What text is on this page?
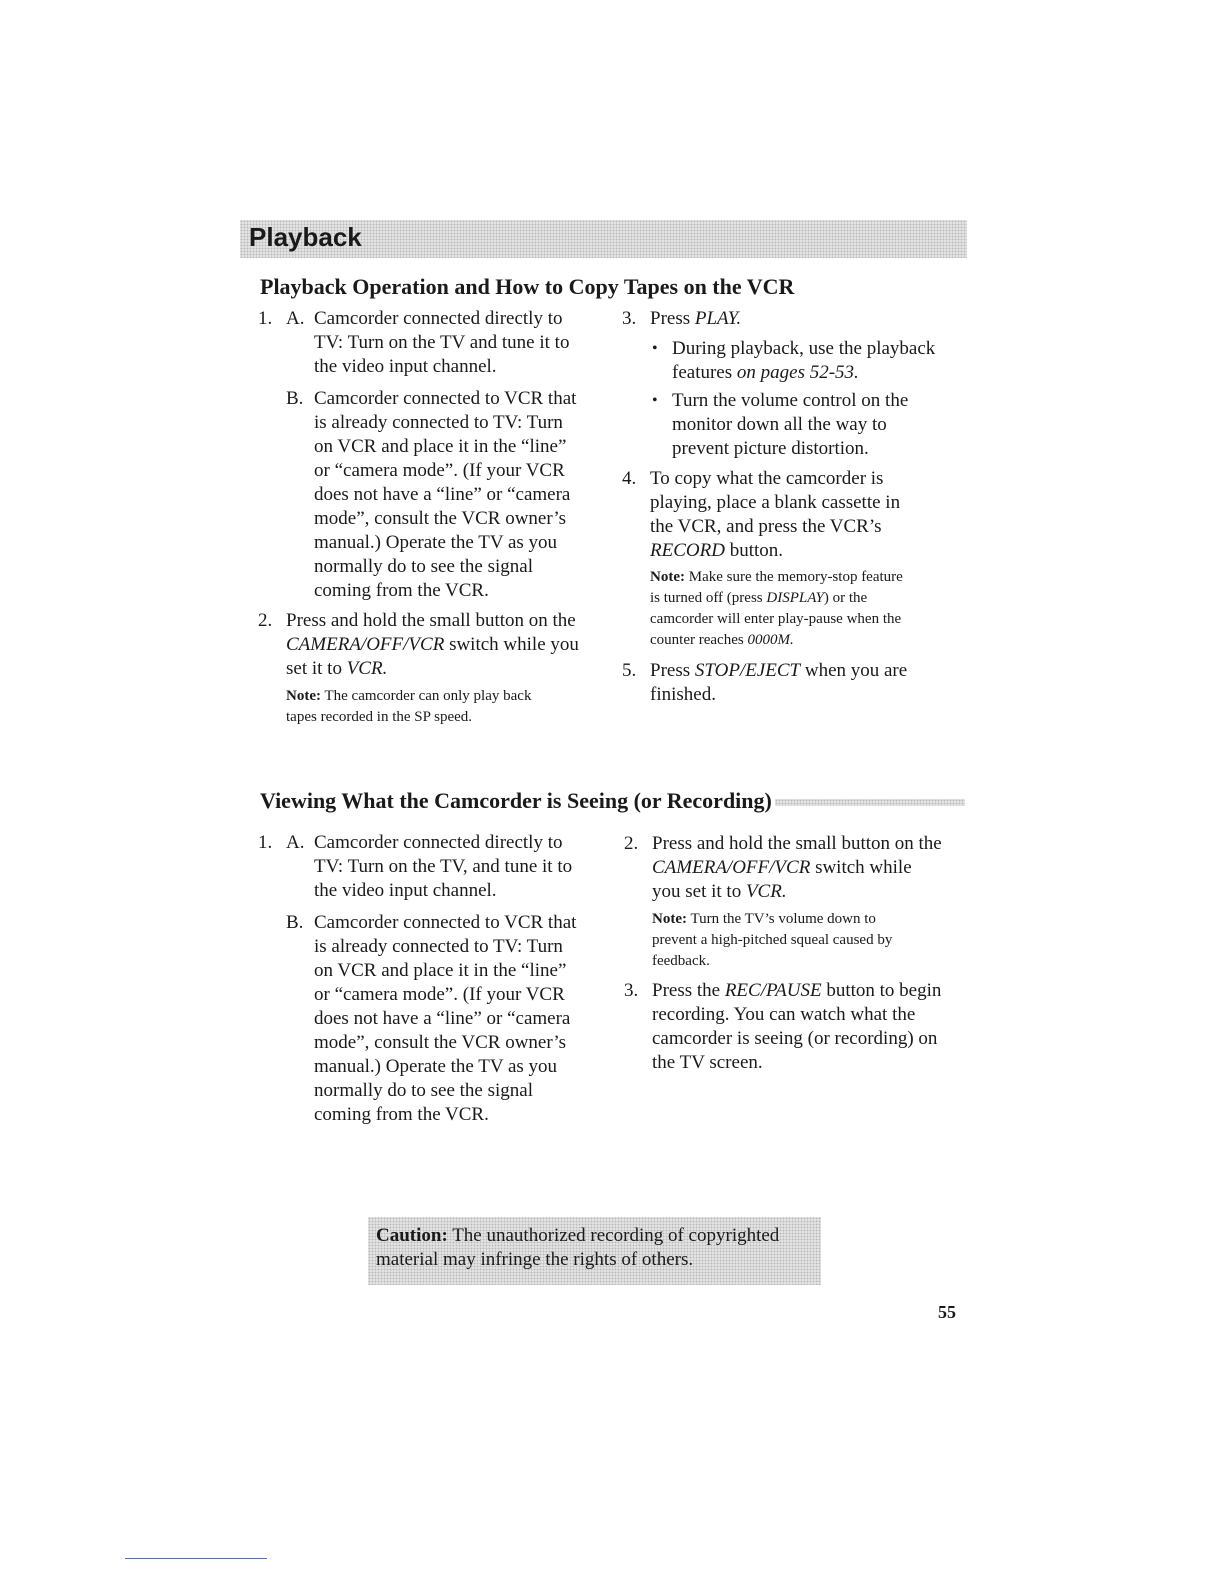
Playback
Playback Operation and How to Copy Tapes on the VCR
1. A. Camcorder connected directly to
TV: Turn on the TV and tune it to
the video input channel.
B. Camcorder connected to VCR that
is already connected to TV: Turn
on VCR and place it in the “line”
or “camera mode”. (If your VCR
does not have a “line” or “camera
mode”, consult the VCR owner’s
manual.) Operate the TV as you
normally do to see the signal
coming from the VCR.
2. Press and hold the small button on the
CAMERA/OFF/VCR switch while you
set it to VCR.
Note: The camcorder can only play back
tapes recorded in the SP speed.
3. Press PLAY.
• During playback, use the playback
features on pages 52-53.
• Turn the volume control on the
monitor down all the way to
prevent picture distortion.
4. To copy what the camcorder is
playing, place a blank cassette in
the VCR, and press the VCR’s
RECORD button.
Note: Make sure the memory-stop feature
is turned off (press DISPLAY) or the
camcorder will enter play-pause when the
counter reaches 0000M.
5. Press STOP/EJECT when you are
finished.
Viewing What the Camcorder is Seeing (or Recording)
1. A. Camcorder connected directly to
TV: Turn on the TV, and tune it to
the video input channel.
B. Camcorder connected to VCR that
is already connected to TV: Turn
on VCR and place it in the “line”
or “camera mode”. (If your VCR
does not have a “line” or “camera
mode”, consult the VCR owner’s
manual.) Operate the TV as you
normally do to see the signal
coming from the VCR.
2. Press and hold the small button on the
CAMERA/OFF/VCR switch while
you set it to VCR.
Note: Turn the TV’s volume down to
prevent a high-pitched squeal caused by
feedback.
3. Press the REC/PAUSE button to begin
recording. You can watch what the
camcorder is seeing (or recording) on
the TV screen.
Caution: The unauthorized recording of copyrighted
material may infringe the rights of others.
55
